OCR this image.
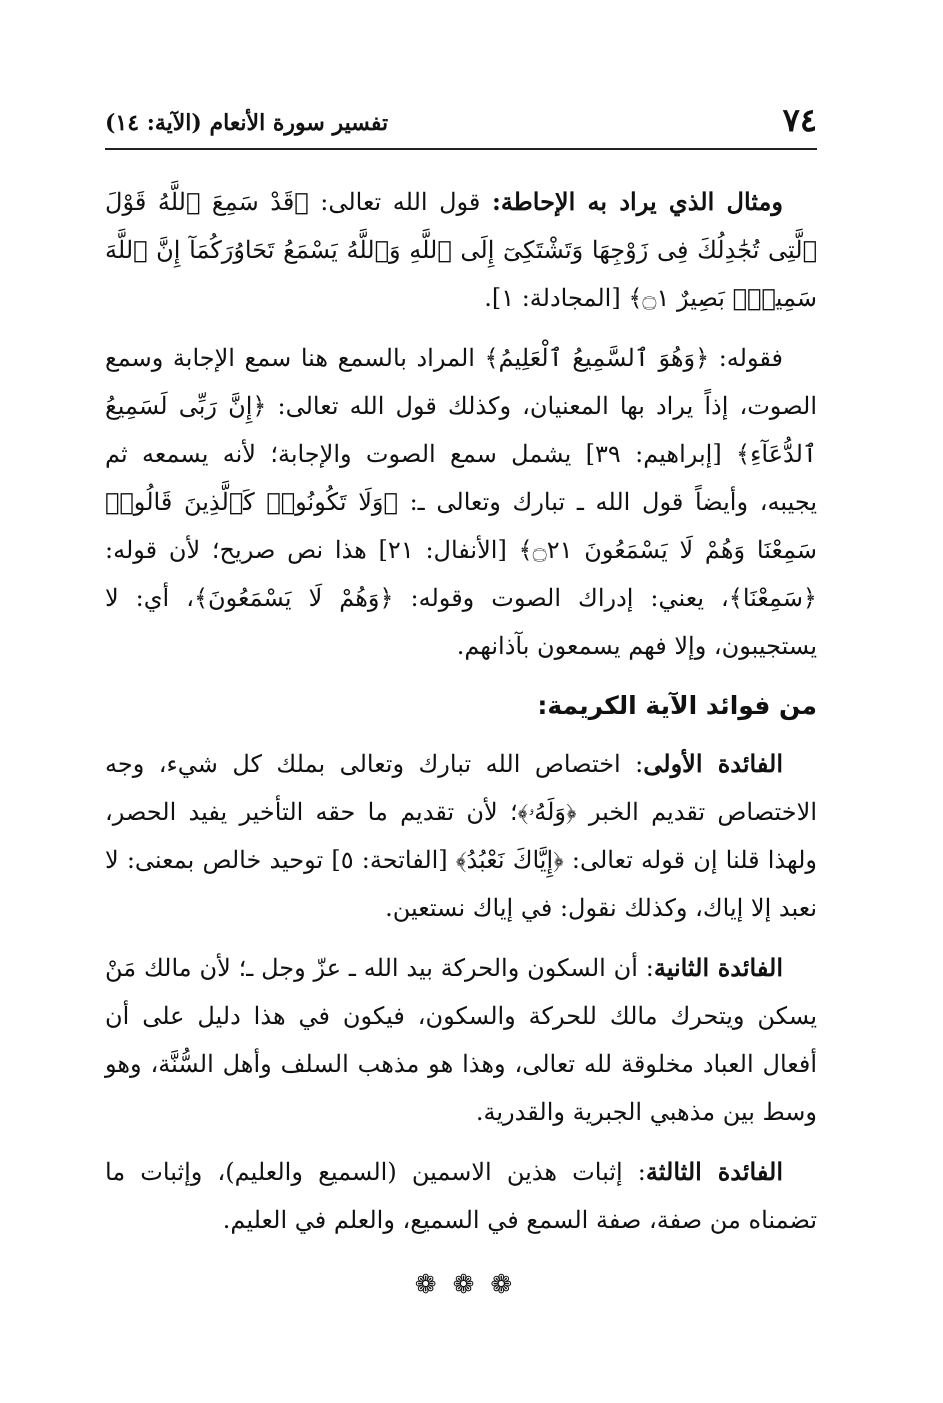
٧٤
تفسير سورة الأنعام (الآية: ١٤)

ومثال الذي يراد به الإحاطة: قول الله تعالى: ﴿قَدْ سَمِعَ ٱللَّهُ قَوْلَ ٱلَّتِى تُجَٰدِلُكَ فِى زَوْجِهَا وَتَشْتَكِىٓ إِلَى ٱللَّهِ وَٱللَّهُ يَسْمَعُ تَحَاوُرَكُمَآ إِنَّ ٱللَّهَ سَمِيعٌۢ بَصِيرٌ ۝١﴾ [المجادلة: ١].

فقوله: ﴿وَهُوَ ٱلسَّمِيعُ ٱلْعَلِيمُ﴾ المراد بالسمع هنا سمع الإجابة وسمع الصوت، إذاً يراد بها المعنيان، وكذلك قول الله تعالى: ﴿إِنَّ رَبِّى لَسَمِيعُ ٱلدُّعَآءِ﴾ [إبراهيم: ٣٩] يشمل سمع الصوت والإجابة؛ لأنه يسمعه ثم يجيبه، وأيضاً قول الله ـ تبارك وتعالى ـ: ﴿وَلَا تَكُونُوا۟ كَٱلَّذِينَ قَالُوا۟ سَمِعْنَا وَهُمْ لَا يَسْمَعُونَ ۝٢١﴾ [الأنفال: ٢١] هذا نص صريح؛ لأن قوله: ﴿سَمِعْنَا﴾، يعني: إدراك الصوت وقوله: ﴿وَهُمْ لَا يَسْمَعُونَ﴾، أي: لا يستجيبون، وإلا فهم يسمعون بآذانهم.

من فوائد الآية الكريمة:

الفائدة الأولى: اختصاص الله تبارك وتعالى بملك كل شيء، وجه الاختصاص تقديم الخبر ﴿وَلَهُۥ﴾؛ لأن تقديم ما حقه التأخير يفيد الحصر، ولهذا قلنا إن قوله تعالى: ﴿إِيَّاكَ نَعْبُدُ﴾ [الفاتحة: ٥] توحيد خالص بمعنى: لا نعبد إلا إياك، وكذلك نقول: في إياك نستعين.

الفائدة الثانية: أن السكون والحركة بيد الله ـ عزّ وجل ـ؛ لأن مالك مَنْ يسكن ويتحرك مالك للحركة والسكون، فيكون في هذا دليل على أن أفعال العباد مخلوقة لله تعالى، وهذا هو مذهب السلف وأهل السُّنَّة، وهو وسط بين مذهبي الجبرية والقدرية.

الفائدة الثالثة: إثبات هذين الاسمين (السميع والعليم)، وإثبات ما تضمناه من صفة، صفة السمع في السميع، والعلم في العليم.

❁❁❁
